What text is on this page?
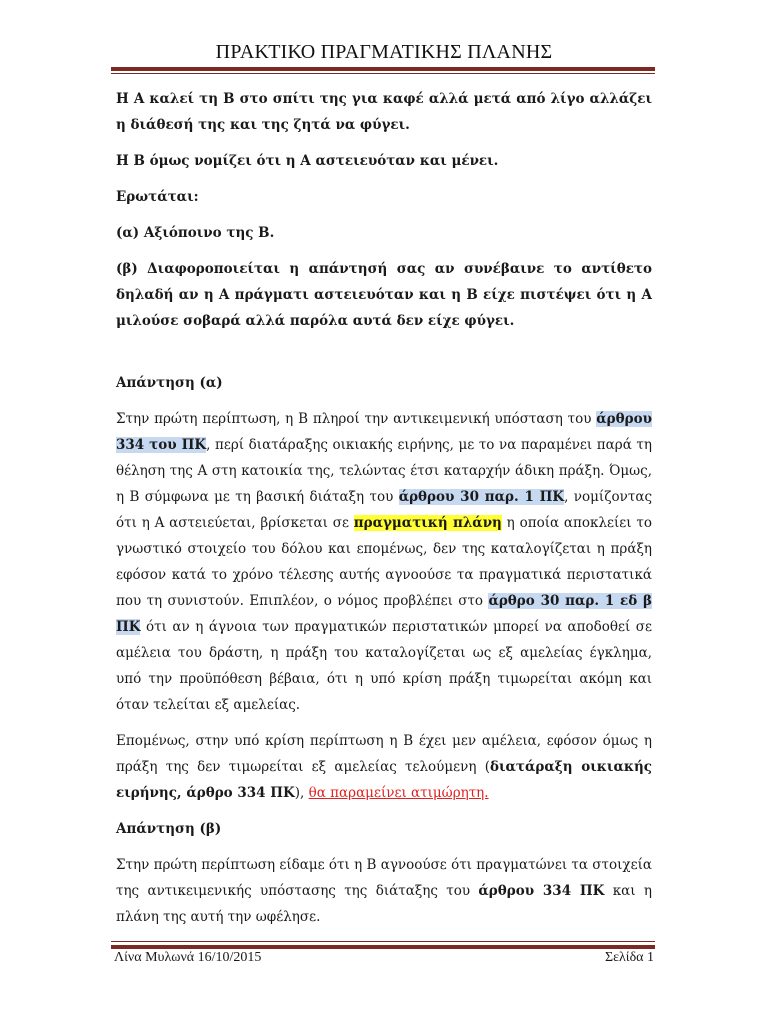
ΠΡΑΚΤΙΚΟ ΠΡΑΓΜΑΤΙΚΗΣ ΠΛΑΝΗΣ

Η Α καλεί τη Β στο σπίτι της για καφέ αλλά μετά από λίγο αλλάζει η διάθεσή της και της ζητά να φύγει.

Η Β όμως νομίζει ότι η Α αστειευόταν και μένει.

Ερωτάται:

(α) Αξιόποινο της Β.

(β) Διαφοροποιείται η απάντησή σας αν συνέβαινε το αντίθετο δηλαδή αν η Α πράγματι αστειευόταν και η Β είχε πιστέψει ότι η Α μιλούσε σοβαρά αλλά παρόλα αυτά δεν είχε φύγει.

Απάντηση (α)

Στην πρώτη περίπτωση, η Β πληροί την αντικειμενική υπόσταση του άρθρου 334 του ΠΚ, περί διατάραξης οικιακής ειρήνης, με το να παραμένει παρά τη θέληση της Α στη κατοικία της, τελώντας έτσι καταρχήν άδικη πράξη. Όμως, η Β σύμφωνα με τη βασική διάταξη του άρθρου 30 παρ. 1 ΠΚ, νομίζοντας ότι η Α αστειεύεται, βρίσκεται σε πραγματική πλάνη η οποία αποκλείει το γνωστικό στοιχείο του δόλου και επομένως, δεν της καταλογίζεται η πράξη εφόσον κατά το χρόνο τέλεσης αυτής αγνοούσε τα πραγματικά περιστατικά που τη συνιστούν. Επιπλέον, ο νόμος προβλέπει στο άρθρο 30 παρ. 1 εδ β ΠΚ ότι αν η άγνοια των πραγματικών περιστατικών μπορεί να αποδοθεί σε αμέλεια του δράστη, η πράξη του καταλογίζεται ως εξ αμελείας έγκλημα, υπό την προϋπόθεση βέβαια, ότι η υπό κρίση πράξη τιμωρείται ακόμη και όταν τελείται εξ αμελείας.

Επομένως, στην υπό κρίση περίπτωση η Β έχει μεν αμέλεια, εφόσον όμως η πράξη της δεν τιμωρείται εξ αμελείας τελούμενη (διατάραξη οικιακής ειρήνης, άρθρο 334 ΠΚ), θα παραμείνει ατιμώρητη.

Απάντηση (β)

Στην πρώτη περίπτωση είδαμε ότι η Β αγνοούσε ότι πραγματώνει τα στοιχεία της αντικειμενικής υπόστασης της διάταξης του άρθρου 334 ΠΚ και η πλάνη της αυτή την ωφέλησε.

Λίνα Μυλωνά 16/10/2015	Σελίδα 1
